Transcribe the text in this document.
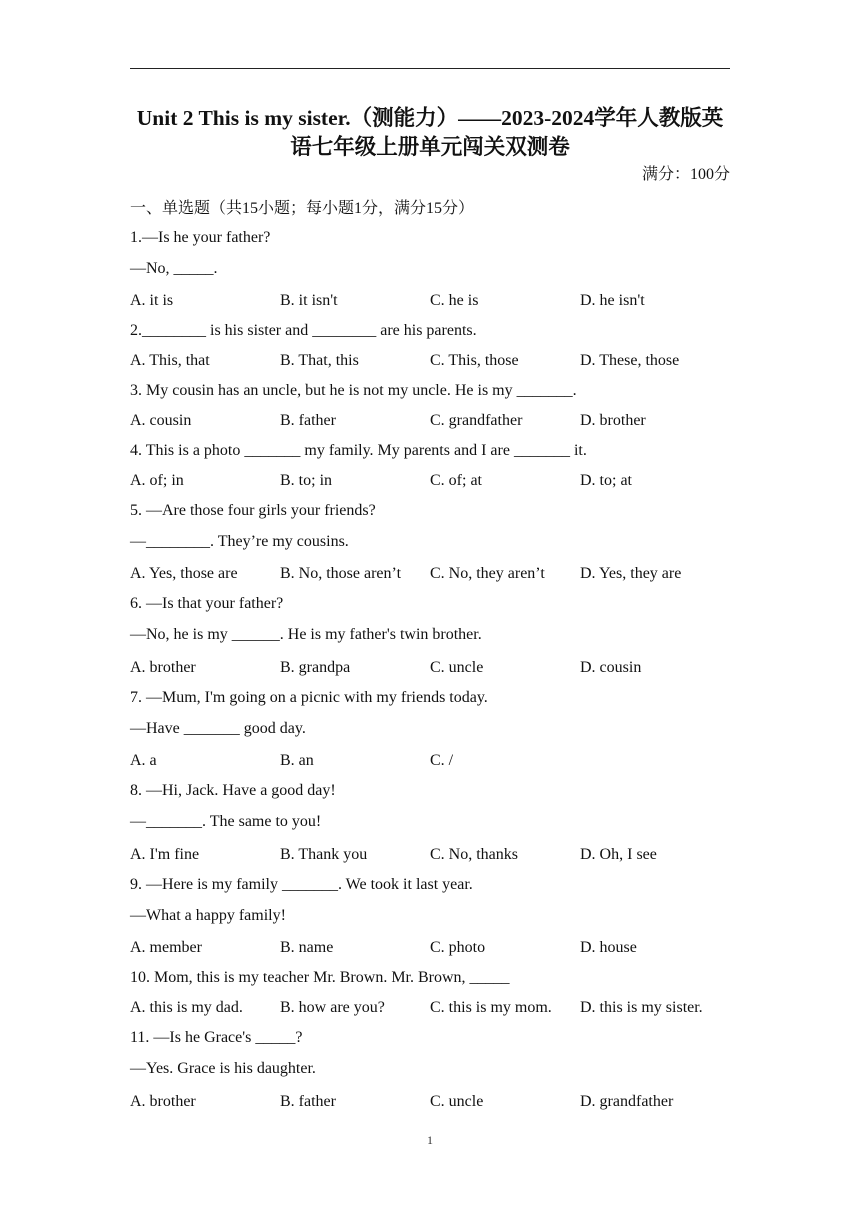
Unit 2 This is my sister.（测能力）——2023-2024学年人教版英
语七年级上册单元闯关双测卷
满分：100分
一、单选题（共15小题；每小题1分，满分15分）
1.—Is he your father?
—No, _____.
A. it is	B. it isn't	C. he is	D. he isn't
2.________ is his sister and ________ are his parents.
A. This, that	B. That, this	C. This, those	D. These, those
3. My cousin has an uncle, but he is not my uncle. He is my _______.
A. cousin	B. father	C. grandfather	D. brother
4. This is a photo _______ my family. My parents and I are _______ it.
A. of; in	B. to; in	C. of; at	D. to; at
5. —Are those four girls your friends?
—________. They’re my cousins.
A. Yes, those are	B. No, those aren’t C. No, they aren’t D. Yes, they are
6. —Is that your father?
—No, he is my ______. He is my father's twin brother.
A. brother	B. grandpa	C. uncle	D. cousin
7. —Mum, I'm going on a picnic with my friends today.
—Have _______ good day.
A. a	B. an	C. /
8. —Hi, Jack. Have a good day!
—_______. The same to you!
A. I'm fine	B. Thank you	C. No, thanks	D. Oh, I see
9. —Here is my family _______. We took it last year.
—What a happy family!
A. member	B. name	C. photo	D. house
10. Mom, this is my teacher Mr. Brown. Mr. Brown, _____
A. this is my dad. B. how are you?	C. this is my mom. D. this is my sister.
11. —Is he Grace's _____?
—Yes. Grace is his daughter.
A. brother	B. father	C. uncle	D. grandfather
1
